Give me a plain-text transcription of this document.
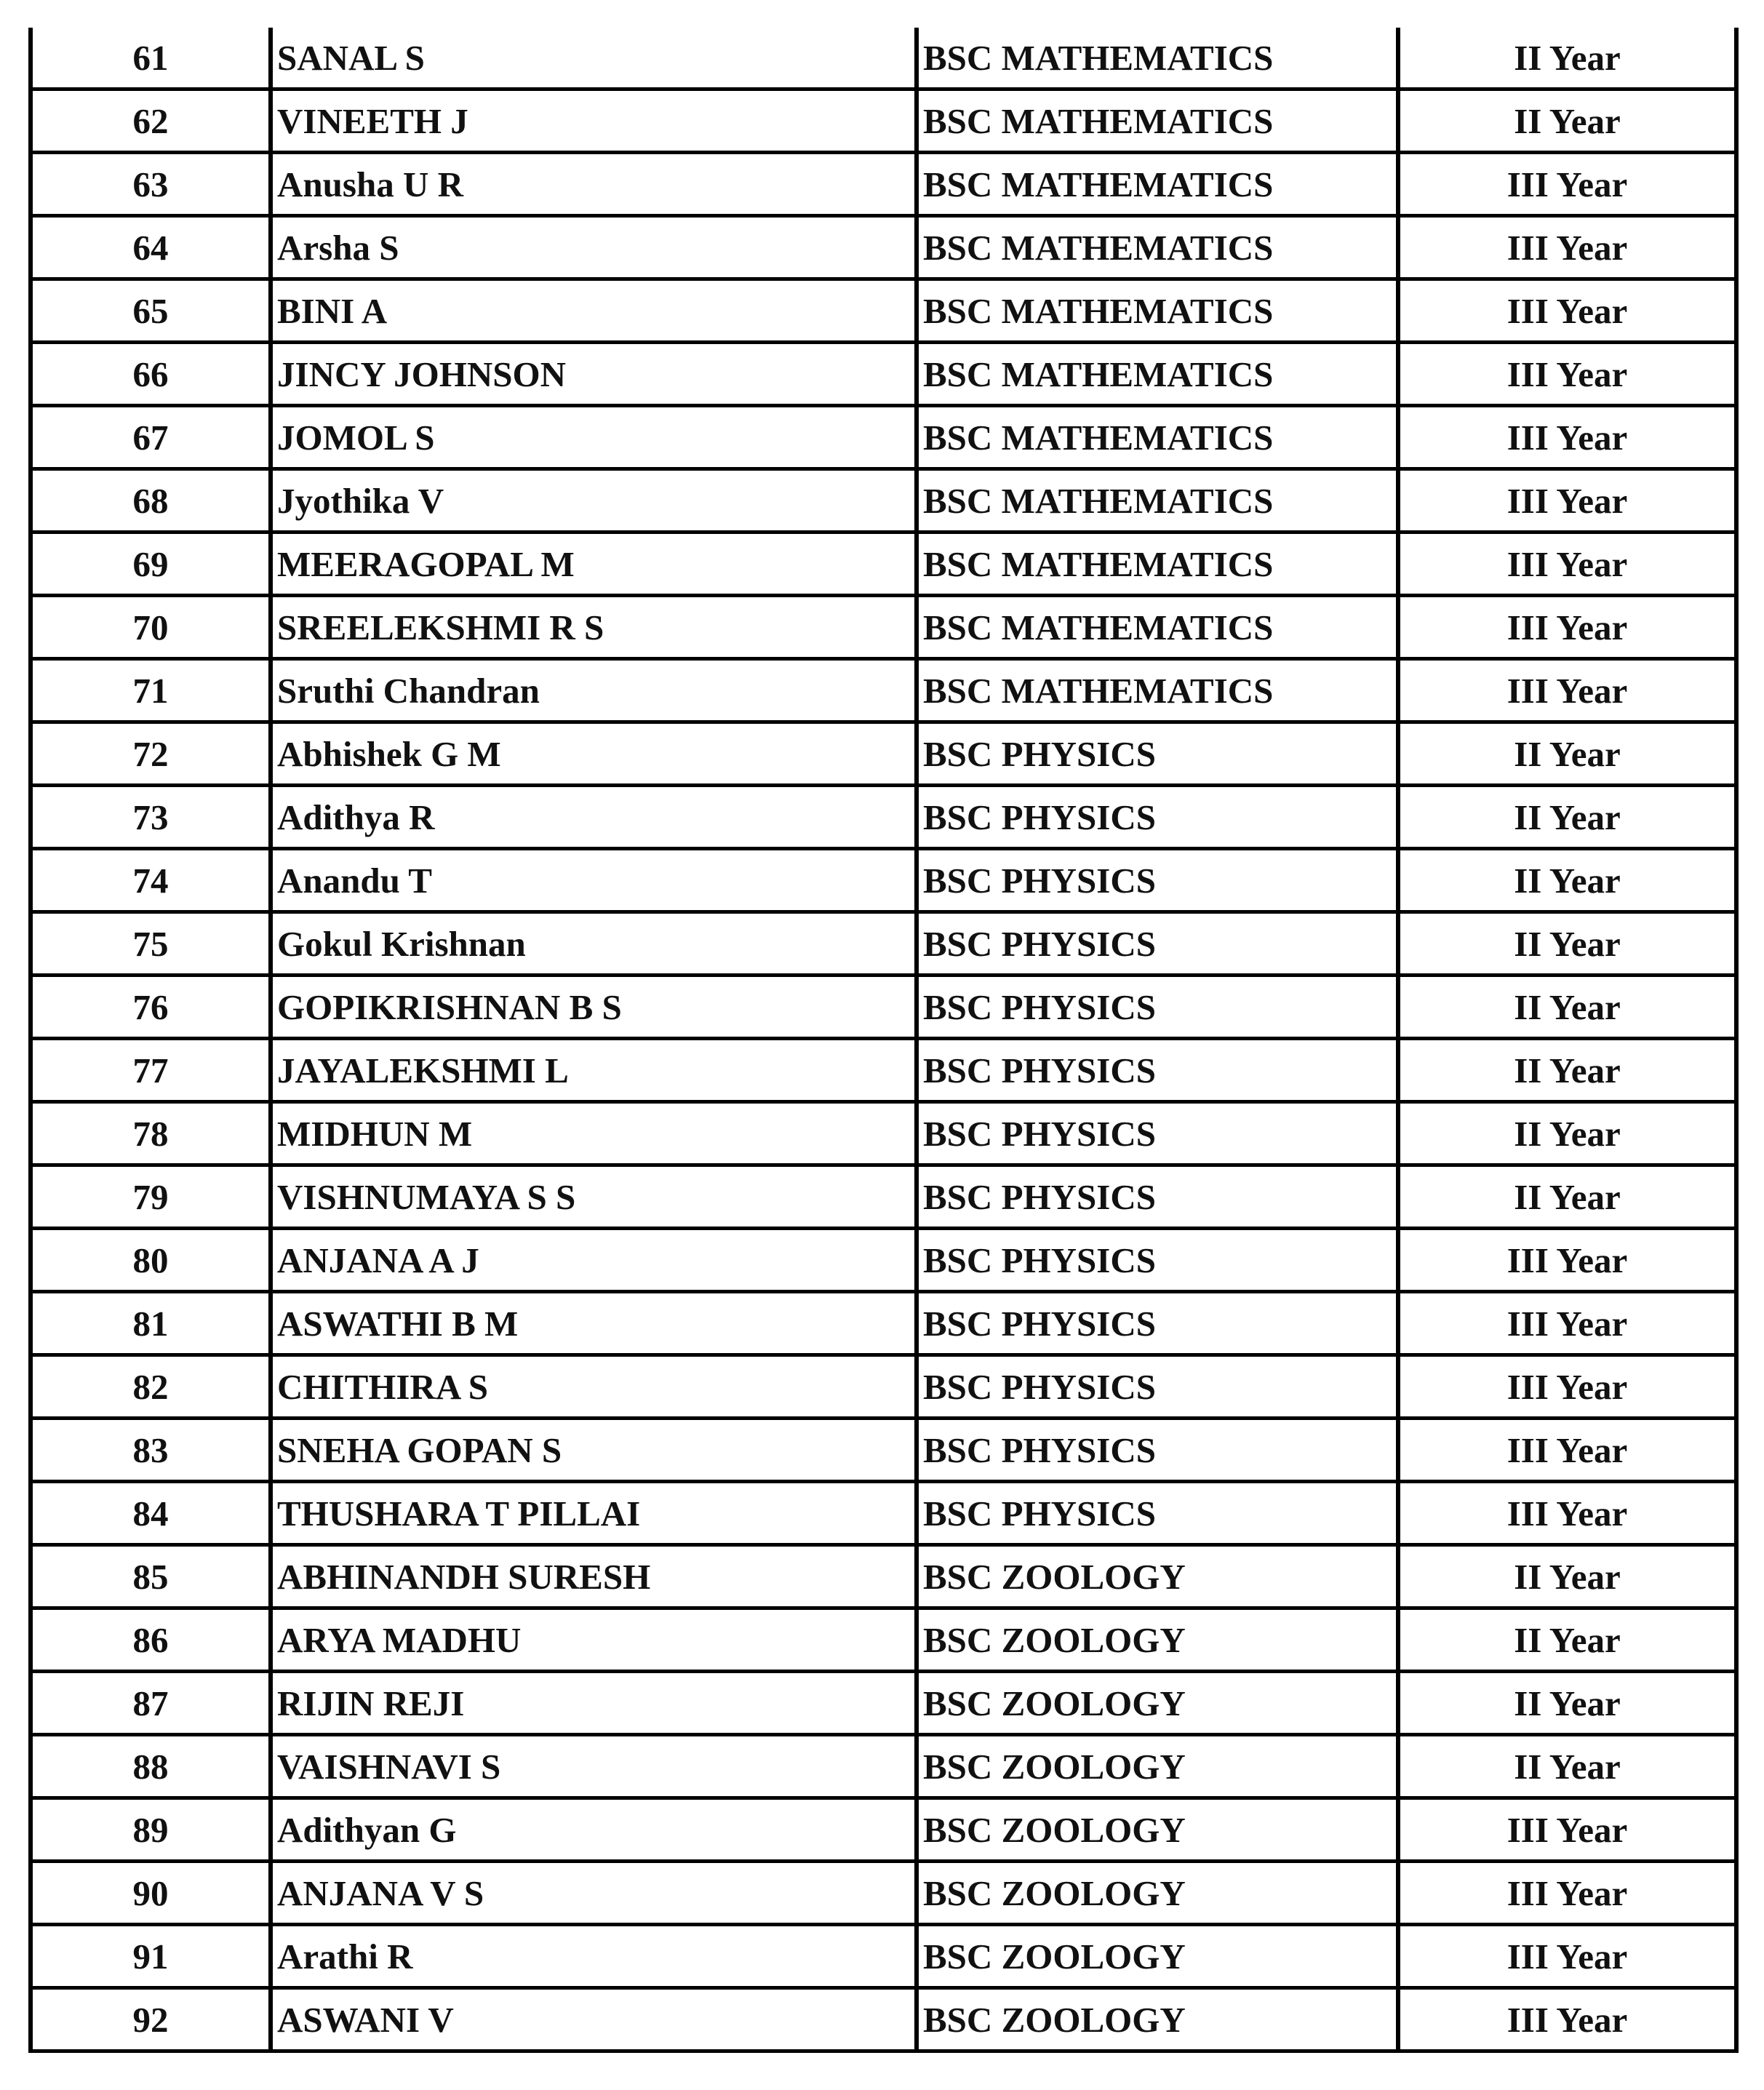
61	SANAL S	BSC MATHEMATICS	II Year
62	VINEETH J	BSC MATHEMATICS	II Year
63	Anusha U R	BSC MATHEMATICS	III Year
64	Arsha S	BSC MATHEMATICS	III Year
65	BINI A	BSC MATHEMATICS	III Year
66	JINCY JOHNSON	BSC MATHEMATICS	III Year
67	JOMOL S	BSC MATHEMATICS	III Year
68	Jyothika V	BSC MATHEMATICS	III Year
69	MEERAGOPAL M	BSC MATHEMATICS	III Year
70	SREELEKSHMI R S	BSC MATHEMATICS	III Year
71	Sruthi Chandran	BSC MATHEMATICS	III Year
72	Abhishek G M	BSC PHYSICS	II Year
73	Adithya R	BSC PHYSICS	II Year
74	Anandu T	BSC PHYSICS	II Year
75	Gokul Krishnan	BSC PHYSICS	II Year
76	GOPIKRISHNAN B S	BSC PHYSICS	II Year
77	JAYALEKSHMI L	BSC PHYSICS	II Year
78	MIDHUN M	BSC PHYSICS	II Year
79	VISHNUMAYA S S	BSC PHYSICS	II Year
80	ANJANA A J	BSC PHYSICS	III Year
81	ASWATHI B M	BSC PHYSICS	III Year
82	CHITHIRA S	BSC PHYSICS	III Year
83	SNEHA GOPAN S	BSC PHYSICS	III Year
84	THUSHARA T PILLAI	BSC PHYSICS	III Year
85	ABHINANDH SURESH	BSC ZOOLOGY	II Year
86	ARYA MADHU	BSC ZOOLOGY	II Year
87	RIJIN REJI	BSC ZOOLOGY	II Year
88	VAISHNAVI S	BSC ZOOLOGY	II Year
89	Adithyan G	BSC ZOOLOGY	III Year
90	ANJANA V S	BSC ZOOLOGY	III Year
91	Arathi R	BSC ZOOLOGY	III Year
92	ASWANI V	BSC ZOOLOGY	III Year
